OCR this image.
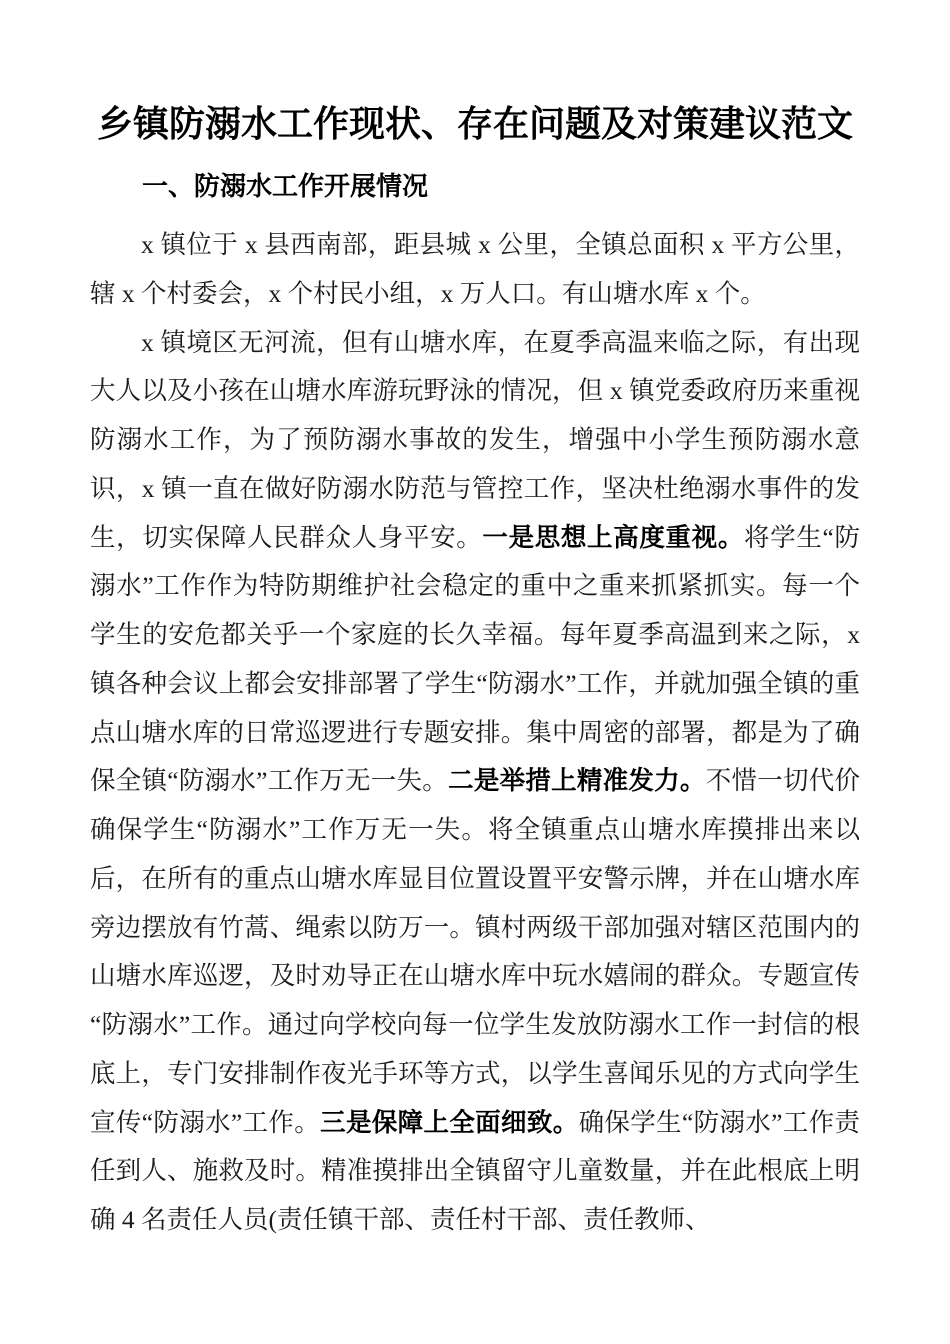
乡镇防溺水工作现状、存在问题及对策建议范文
一、防溺水工作开展情况

x 镇位于 x 县西南部，距县城 x 公里，全镇总面积 x 平方公里，辖 x 个村委会，x 个村民小组，x 万人口。有山塘水库 x 个。

x 镇境区无河流，但有山塘水库，在夏季高温来临之际，有出现大人以及小孩在山塘水库游玩野泳的情况，但 x 镇党委政府历来重视防溺水工作，为了预防溺水事故的发生，增强中小学生预防溺水意识，x 镇一直在做好防溺水防范与管控工作，坚决杜绝溺水事件的发生，切实保障人民群众人身平安。一是思想上高度重视。将学生“防溺水”工作作为特防期维护社会稳定的重中之重来抓紧抓实。每一个学生的安危都关乎一个家庭的长久幸福。每年夏季高温到来之际，x 镇各种会议上都会安排部署了学生“防溺水”工作，并就加强全镇的重点山塘水库的日常巡逻进行专题安排。集中周密的部署，都是为了确保全镇“防溺水”工作万无一失。二是举措上精准发力。不惜一切代价确保学生“防溺水”工作万无一失。将全镇重点山塘水库摸排出来以后，在所有的重点山塘水库显目位置设置平安警示牌，并在山塘水库旁边摆放有竹蒿、绳索以防万一。镇村两级干部加强对辖区范围内的山塘水库巡逻，及时劝导正在山塘水库中玩水嬉闹的群众。专题宣传“防溺水”工作。通过向学校向每一位学生发放防溺水工作一封信的根底上，专门安排制作夜光手环等方式，以学生喜闻乐见的方式向学生宣传“防溺水”工作。三是保障上全面细致。确保学生“防溺水”工作责任到人、施救及时。精准摸排出全镇留守儿童数量，并在此根底上明确 4 名责任人员(责任镇干部、责任村干部、责任教师、
